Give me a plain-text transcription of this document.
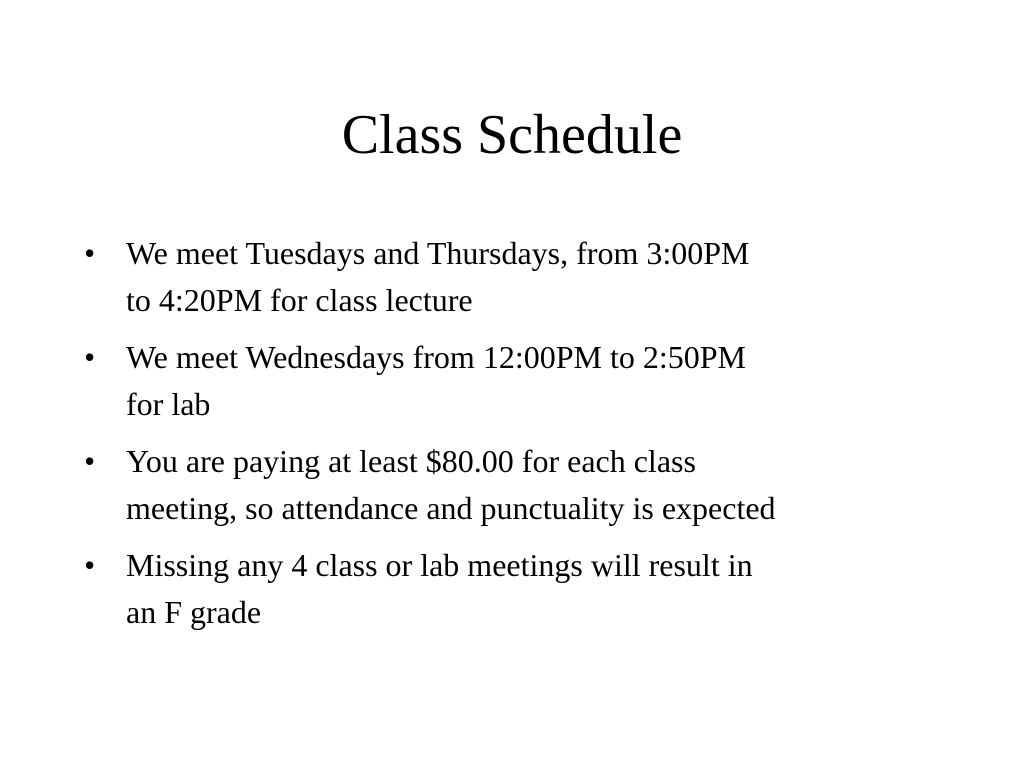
Class Schedule
• We meet Tuesdays and Thursdays, from 3:00PM
to 4:20PM for class lecture
• We meet Wednesdays from 12:00PM to 2:50PM
for lab
• You are paying at least $80.00 for each class
meeting, so attendance and punctuality is expected
• Missing any 4 class or lab meetings will result in
an F grade
